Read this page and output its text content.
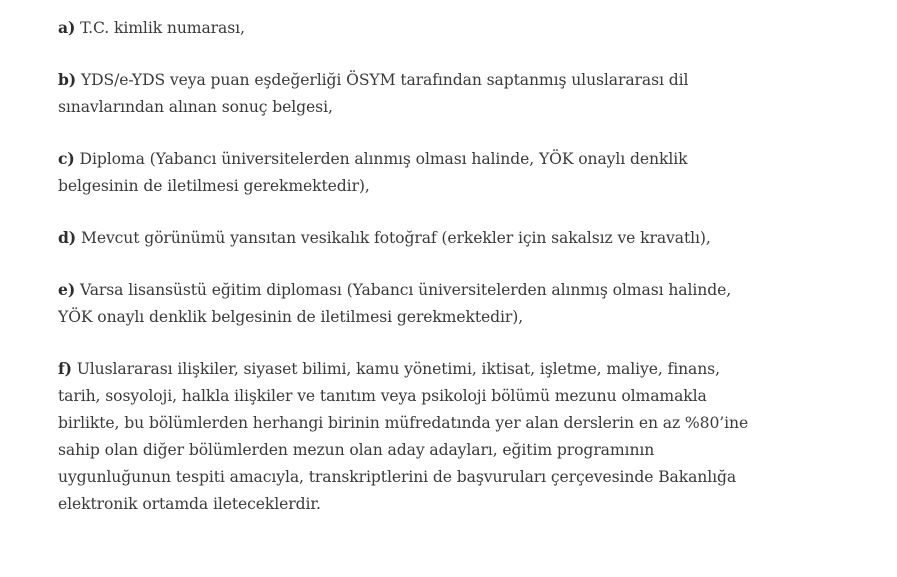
a) T.C. kimlik numarası,

b) YDS/e-YDS veya puan eşdeğerliği ÖSYM tarafından saptanmış uluslararası dil
sınavlarından alınan sonuç belgesi,

c) Diploma (Yabancı üniversitelerden alınmış olması halinde, YÖK onaylı denklik
belgesinin de iletilmesi gerekmektedir),

d) Mevcut görünümü yansıtan vesikalık fotoğraf (erkekler için sakalsız ve kravatlı),

e) Varsa lisansüstü eğitim diploması (Yabancı üniversitelerden alınmış olması halinde,
YÖK onaylı denklik belgesinin de iletilmesi gerekmektedir),

f) Uluslararası ilişkiler, siyaset bilimi, kamu yönetimi, iktisat, işletme, maliye, finans,
tarih, sosyoloji, halkla ilişkiler ve tanıtım veya psikoloji bölümü mezunu olmamakla
birlikte, bu bölümlerden herhangi birinin müfredatında yer alan derslerin en az %80’ine
sahip olan diğer bölümlerden mezun olan aday adayları, eğitim programının
uygunluğunun tespiti amacıyla, transkriptlerini de başvuruları çerçevesinde Bakanlığa
elektronik ortamda ileteceklerdir.
